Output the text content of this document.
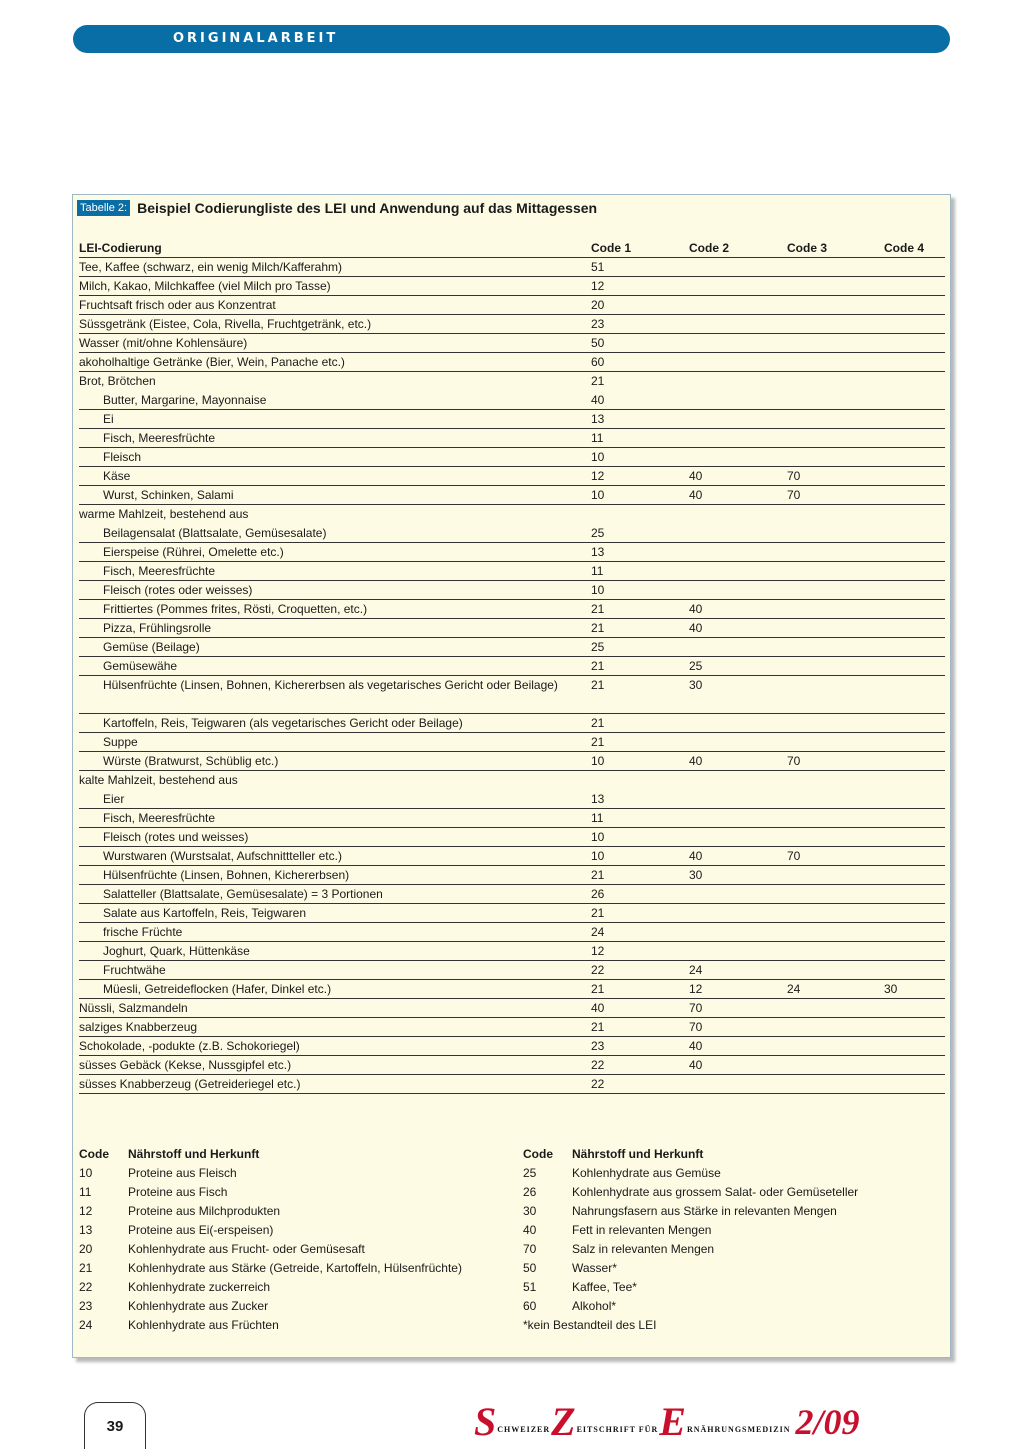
ORIGINALARBEIT
Tabelle 2: Beispiel Codierungliste des LEI und Anwendung auf das Mittagessen
LEI-Codierung	Code 1	Code 2	Code 3	Code 4
Tee, Kaffee (schwarz, ein wenig Milch/Kafferahm)	51
Milch, Kakao, Milchkaffee (viel Milch pro Tasse)	12
Fruchtsaft frisch oder aus Konzentrat	20
Süssgetränk (Eistee, Cola, Rivella, Fruchtgetränk, etc.)	23
Wasser (mit/ohne Kohlensäure)	50
akoholhaltige Getränke (Bier, Wein, Panache etc.)	60
Brot, Brötchen	21
Butter, Margarine, Mayonnaise	40
Ei	13
Fisch, Meeresfrüchte	11
Fleisch	10
Käse	12	40	70
Wurst, Schinken, Salami	10	40	70
warme Mahlzeit, bestehend aus
Beilagensalat (Blattsalate, Gemüsesalate)	25
Eierspeise (Rührei, Omelette etc.)	13
Fisch, Meeresfrüchte	11
Fleisch (rotes oder weisses)	10
Frittiertes (Pommes frites, Rösti, Croquetten, etc.)	21	40
Pizza, Frühlingsrolle	21	40
Gemüse (Beilage)	25
Gemüsewähe	21	25
Hülsenfrüchte (Linsen, Bohnen, Kichererbsen als vegetarisches Gericht oder Beilage)	21	30
Kartoffeln, Reis, Teigwaren (als vegetarisches Gericht oder Beilage)	21
Suppe	21
Würste (Bratwurst, Schüblig etc.)	10	40	70
kalte Mahlzeit, bestehend aus
Eier	13
Fisch, Meeresfrüchte	11
Fleisch (rotes und weisses)	10
Wurstwaren (Wurstsalat, Aufschnittteller etc.)	10	40	70
Hülsenfrüchte (Linsen, Bohnen, Kichererbsen)	21	30
Salatteller (Blattsalate, Gemüsesalate) = 3 Portionen	26
Salate aus Kartoffeln, Reis, Teigwaren	21
frische Früchte	24
Joghurt, Quark, Hüttenkäse	12
Fruchtwähe	22	24
Müesli, Getreideflocken (Hafer, Dinkel etc.)	21	12	24	30
Nüssli, Salzmandeln	40	70
salziges Knabberzeug	21	70
Schokolade, -podukte (z.B. Schokoriegel)	23	40
süsses Gebäck (Kekse, Nussgipfel etc.)	22	40
süsses Knabberzeug (Getreideriegel etc.)	22
Code Nährstoff und Herkunft
10	Proteine aus Fleisch
11	Proteine aus Fisch
12	Proteine aus Milchprodukten
13	Proteine aus Ei(-erspeisen)
20	Kohlenhydrate aus Frucht- oder Gemüsesaft
21	Kohlenhydrate aus Stärke (Getreide, Kartoffeln, Hülsenfrüchte)
22	Kohlenhydrate zuckerreich
23	Kohlenhydrate aus Zucker
24	Kohlenhydrate aus Früchten
Code Nährstoff und Herkunft
25	Kohlenhydrate aus Gemüse
26	Kohlenhydrate aus grossem Salat- oder Gemüseteller
30	Nahrungsfasern aus Stärke in relevanten Mengen
40	Fett in relevanten Mengen
70	Salz in relevanten Mengen
50	Wasser*
51	Kaffee, Tee*
60	Alkohol*
*kein Bestandteil des LEI
39	S CHWEIZER Z EITSCHRIFT FÜR E RNÄHRUNGSMEDIZIN 2/09
